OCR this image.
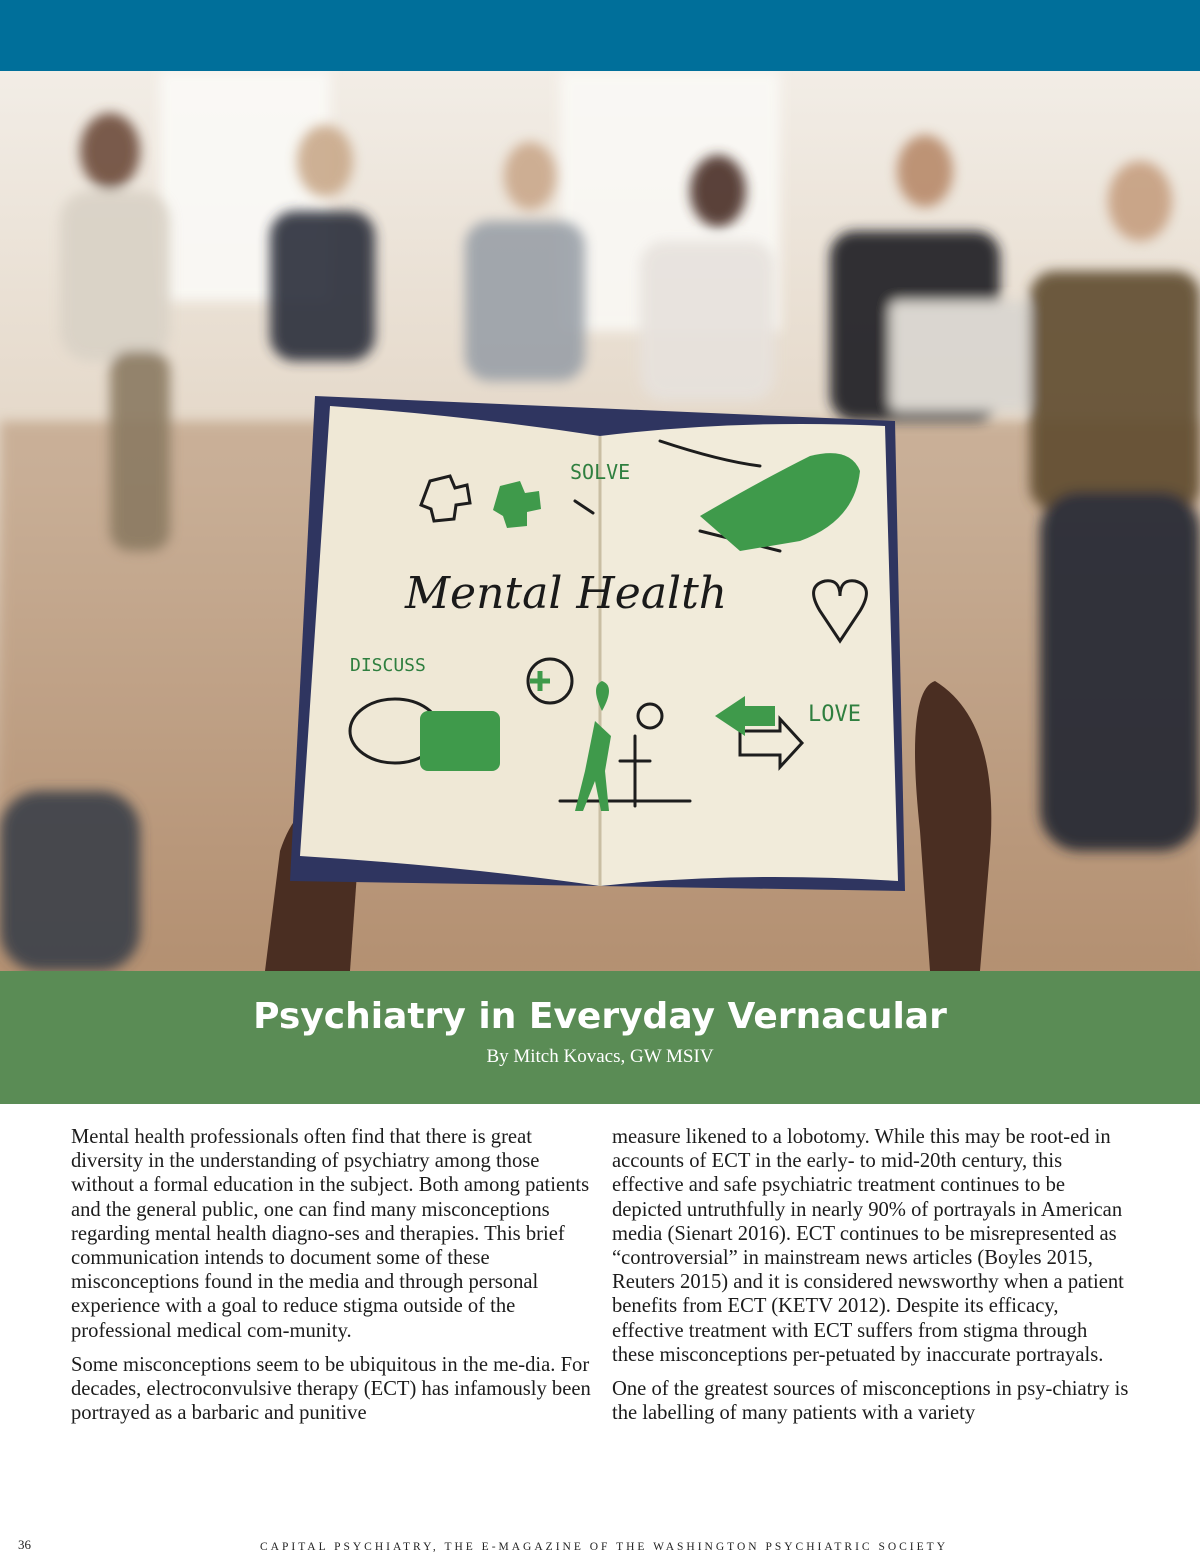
SOLVE
DISCUSS
LOVE
Mental Health
Psychiatry in Everyday Vernacular
By Mitch Kovacs, GW MSIV

Mental health professionals often find that there is great diversity in the understanding of psychiatry among those without a formal education in the subject. Both among patients and the general public, one can find many misconceptions regarding mental health diagno-ses and therapies. This brief communication intends to document some of these misconceptions found in the media and through personal experience with a goal to reduce stigma outside of the professional medical com-munity.

Some misconceptions seem to be ubiquitous in the me-dia. For decades, electroconvulsive therapy (ECT) has infamously been portrayed as a barbaric and punitive

measure likened to a lobotomy. While this may be root-ed in accounts of ECT in the early- to mid-20th century, this effective and safe psychiatric treatment continues to be depicted untruthfully in nearly 90% of portrayals in American media (Sienart 2016). ECT continues to be misrepresented as “controversial” in mainstream news articles (Boyles 2015, Reuters 2015) and it is considered newsworthy when a patient benefits from ECT (KETV 2012). Despite its efficacy, effective treatment with ECT suffers from stigma through these misconceptions per-petuated by inaccurate portrayals.

One of the greatest sources of misconceptions in psy-chiatry is the labelling of many patients with a variety

36	CAPITAL PSYCHIATRY, THE E-MAGAZINE OF THE WASHINGTON PSYCHIATRIC SOCIETY
